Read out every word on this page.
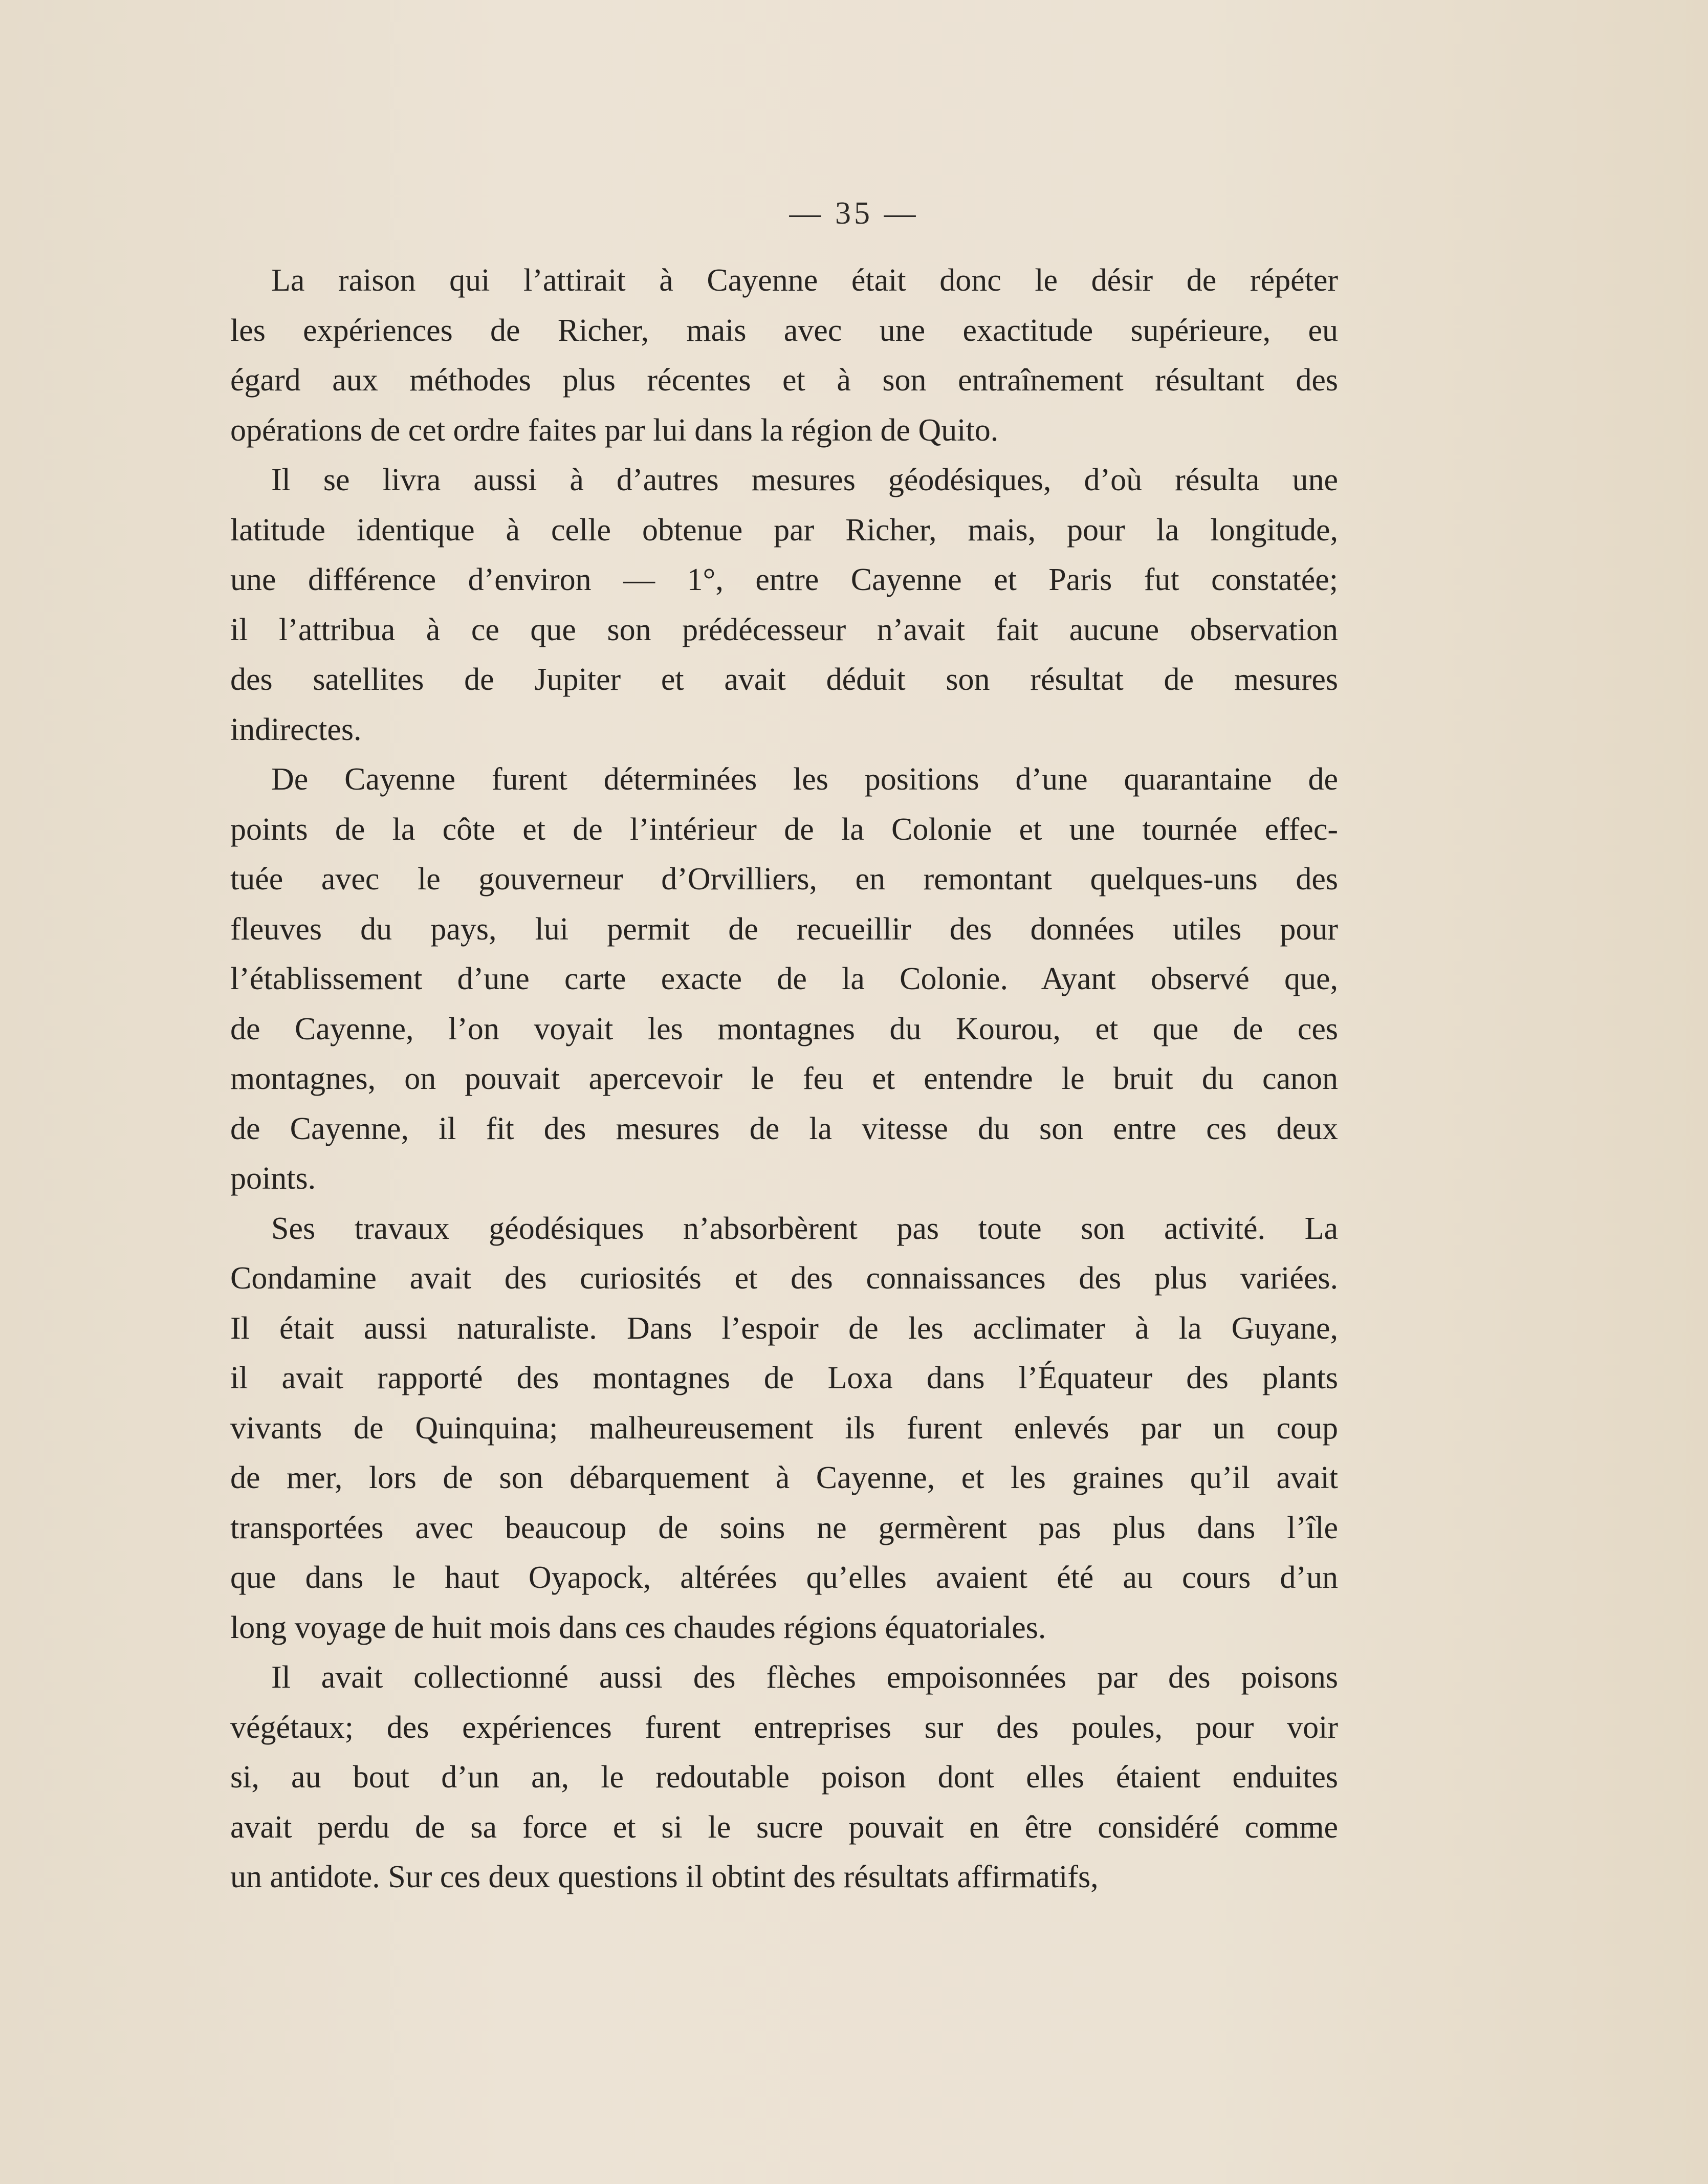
— 35 —

La raison qui l’attirait à Cayenne était donc le désir de répéter
les expériences de Richer, mais avec une exactitude supérieure, eu
égard aux méthodes plus récentes et à son entraînement résultant des
opérations de cet ordre faites par lui dans la région de Quito.

Il se livra aussi à d’autres mesures géodésiques, d’où résulta une
latitude identique à celle obtenue par Richer, mais, pour la longitude,
une différence d’environ — 1°, entre Cayenne et Paris fut constatée;
il l’attribua à ce que son prédécesseur n’avait fait aucune observation
des satellites de Jupiter et avait déduit son résultat de mesures
indirectes.

De Cayenne furent déterminées les positions d’une quarantaine de
points de la côte et de l’intérieur de la Colonie et une tournée effec-
tuée avec le gouverneur d’Orvilliers, en remontant quelques-uns des
fleuves du pays, lui permit de recueillir des données utiles pour
l’établissement d’une carte exacte de la Colonie. Ayant observé que,
de Cayenne, l’on voyait les montagnes du Kourou, et que de ces
montagnes, on pouvait apercevoir le feu et entendre le bruit du canon
de Cayenne, il fit des mesures de la vitesse du son entre ces deux
points.

Ses travaux géodésiques n’absorbèrent pas toute son activité. La
Condamine avait des curiosités et des connaissances des plus variées.
Il était aussi naturaliste. Dans l’espoir de les acclimater à la Guyane,
il avait rapporté des montagnes de Loxa dans l’Équateur des plants
vivants de Quinquina; malheureusement ils furent enlevés par un coup
de mer, lors de son débarquement à Cayenne, et les graines qu’il avait
transportées avec beaucoup de soins ne germèrent pas plus dans l’île
que dans le haut Oyapock, altérées qu’elles avaient été au cours d’un
long voyage de huit mois dans ces chaudes régions équatoriales.

Il avait collectionné aussi des flèches empoisonnées par des poisons
végétaux; des expériences furent entreprises sur des poules, pour voir
si, au bout d’un an, le redoutable poison dont elles étaient enduites
avait perdu de sa force et si le sucre pouvait en être considéré comme
un antidote. Sur ces deux questions il obtint des résultats affirmatifs,
